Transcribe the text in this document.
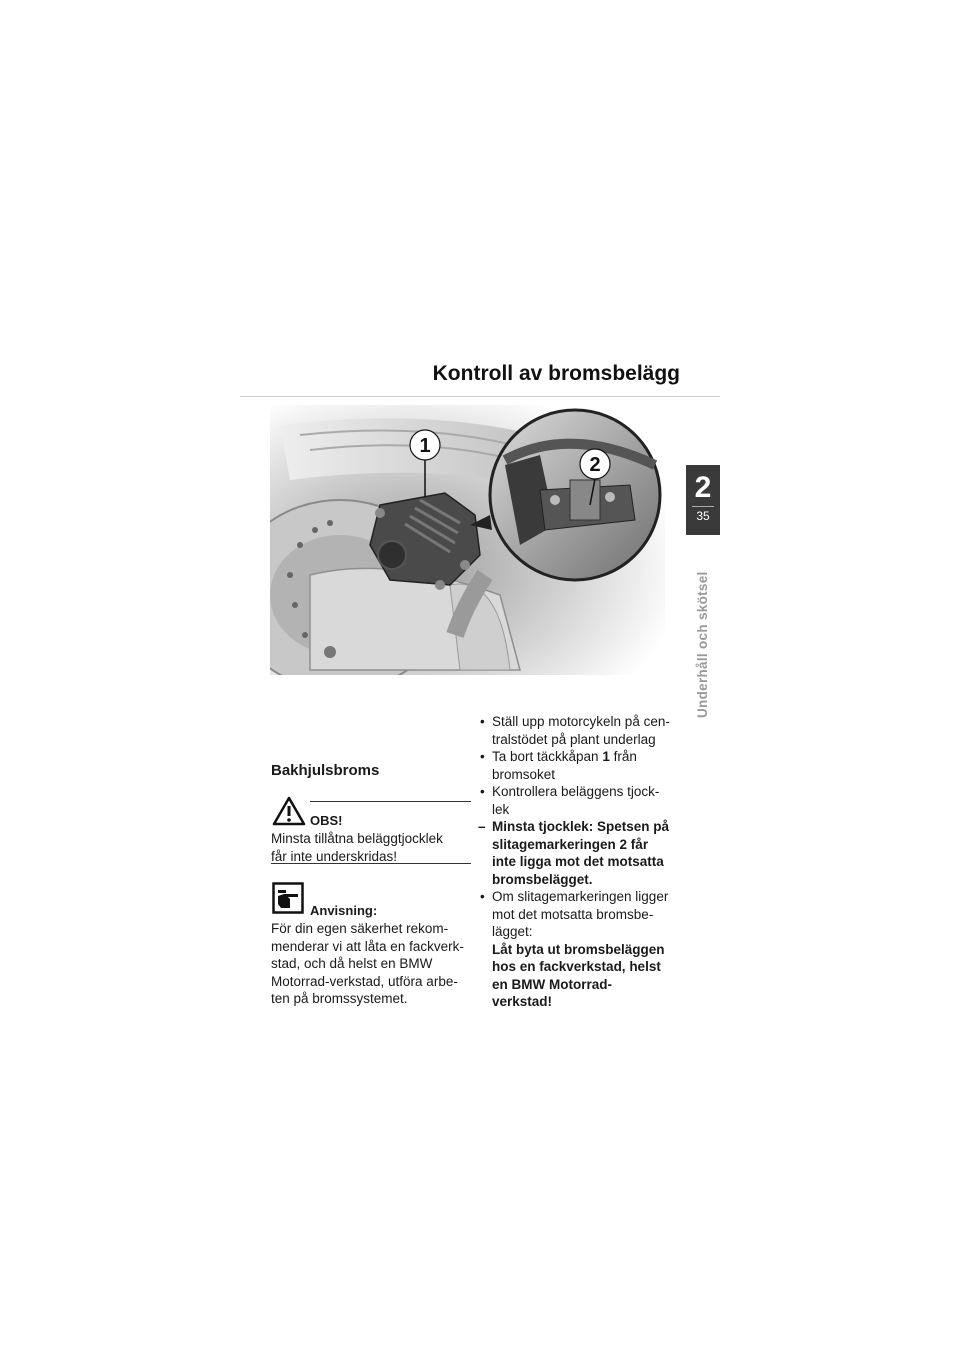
Kontroll av bromsbelägg
1
2
2
35
Underhåll och skötsel
Bakhjulsbroms
OBS!
Minsta tillåtna beläggtjocklek
får inte underskridas!
Anvisning:
För din egen säkerhet rekom-
menderar vi att låta en fackverk-
stad, och då helst en BMW
Motorrad-verkstad, utföra arbe-
ten på bromssystemet.
• Ställ upp motorcykeln på cen-
tralstödet på plant underlag
• Ta bort täckkåpan 1 från
bromsoket
• Kontrollera beläggens tjock-
lek
– Minsta tjocklek: Spetsen på
slitagemarkeringen 2 får
inte ligga mot det motsatta
bromsbelägget.
• Om slitagemarkeringen ligger
mot det motsatta bromsbe-
lägget:
Låt byta ut bromsbeläggen
hos en fackverkstad, helst
en BMW Motorrad-
verkstad!
